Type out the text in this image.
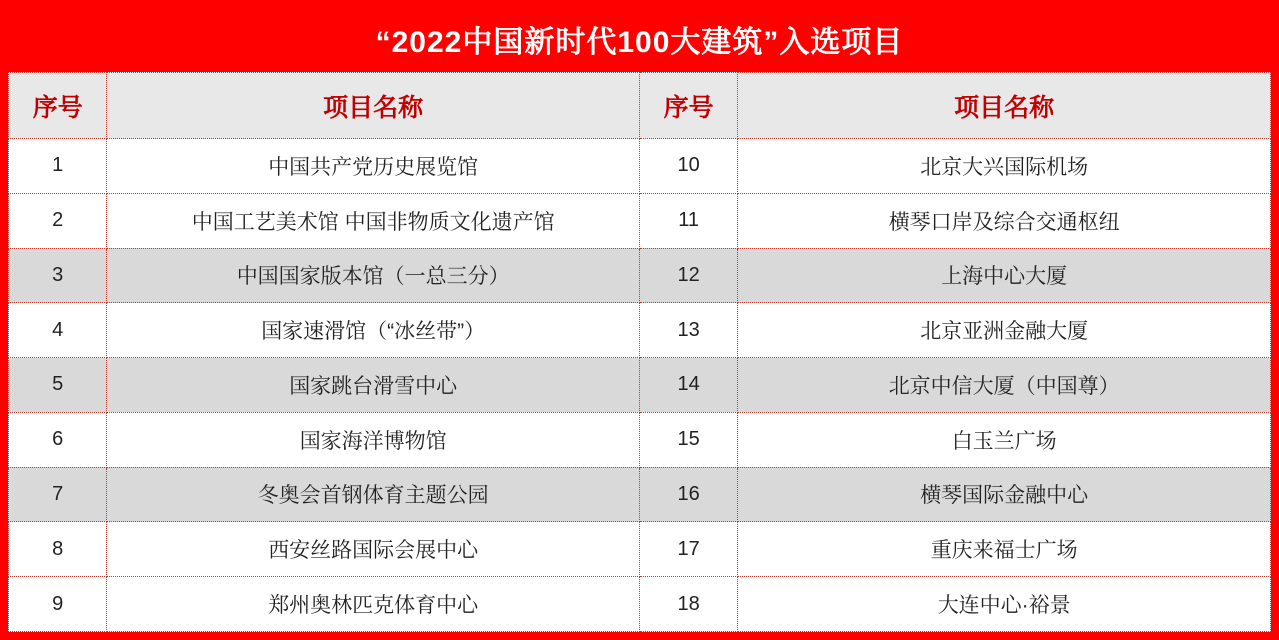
“2022中国新时代100大建筑”入选项目
序号	项目名称	序号	项目名称
1	中国共产党历史展览馆	10	北京大兴国际机场
2	中国工艺美术馆 中国非物质文化遗产馆	11	横琴口岸及综合交通枢纽
3	中国国家版本馆（一总三分）	12	上海中心大厦
4	国家速滑馆（“冰丝带”）	13	北京亚洲金融大厦
5	国家跳台滑雪中心	14	北京中信大厦（中国尊）
6	国家海洋博物馆	15	白玉兰广场
7	冬奥会首钢体育主题公园	16	横琴国际金融中心
8	西安丝路国际会展中心	17	重庆来福士广场
9	郑州奥林匹克体育中心	18	大连中心·裕景
